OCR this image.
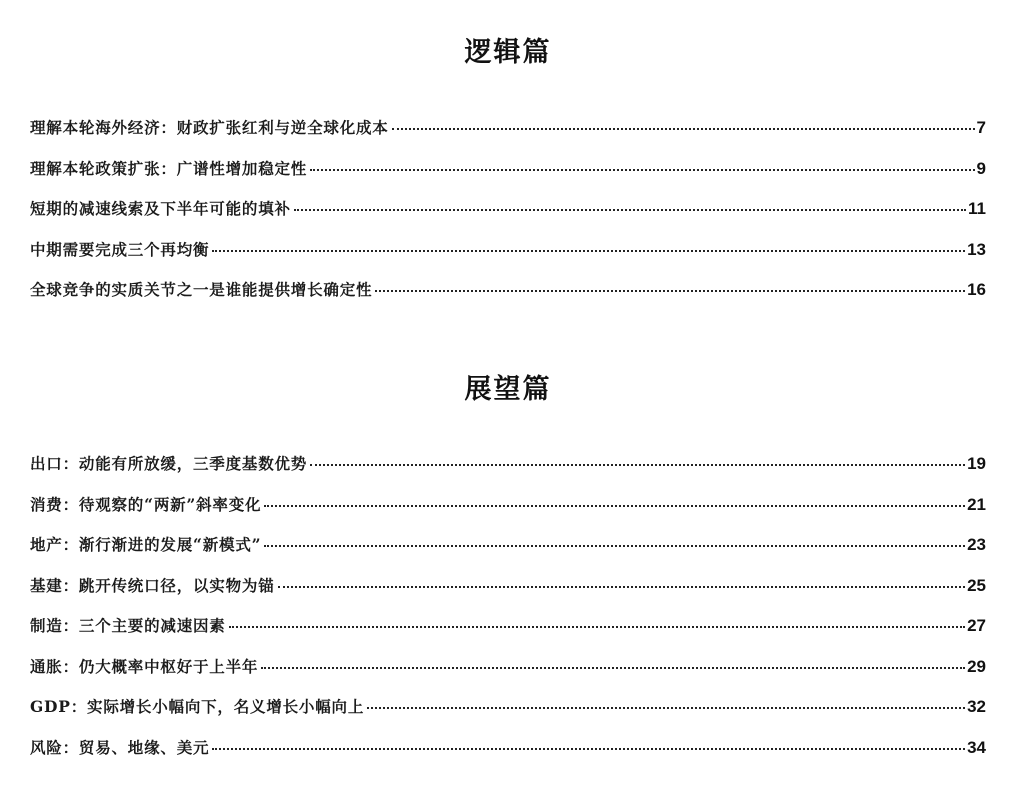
逻辑篇
理解本轮海外经济：财政扩张红利与逆全球化成本	7
理解本轮政策扩张：广谱性增加稳定性	9
短期的减速线索及下半年可能的填补	11
中期需要完成三个再均衡	13
全球竞争的实质关节之一是谁能提供增长确定性	16
展望篇
出口：动能有所放缓，三季度基数优势	19
消费：待观察的“两新”斜率变化	21
地产：渐行渐进的发展“新模式”	23
基建：跳开传统口径，以实物为锚	25
制造：三个主要的减速因素	27
通胀：仍大概率中枢好于上半年	29
GDP：实际增长小幅向下，名义增长小幅向上	32
风险：贸易、地缘、美元	34
